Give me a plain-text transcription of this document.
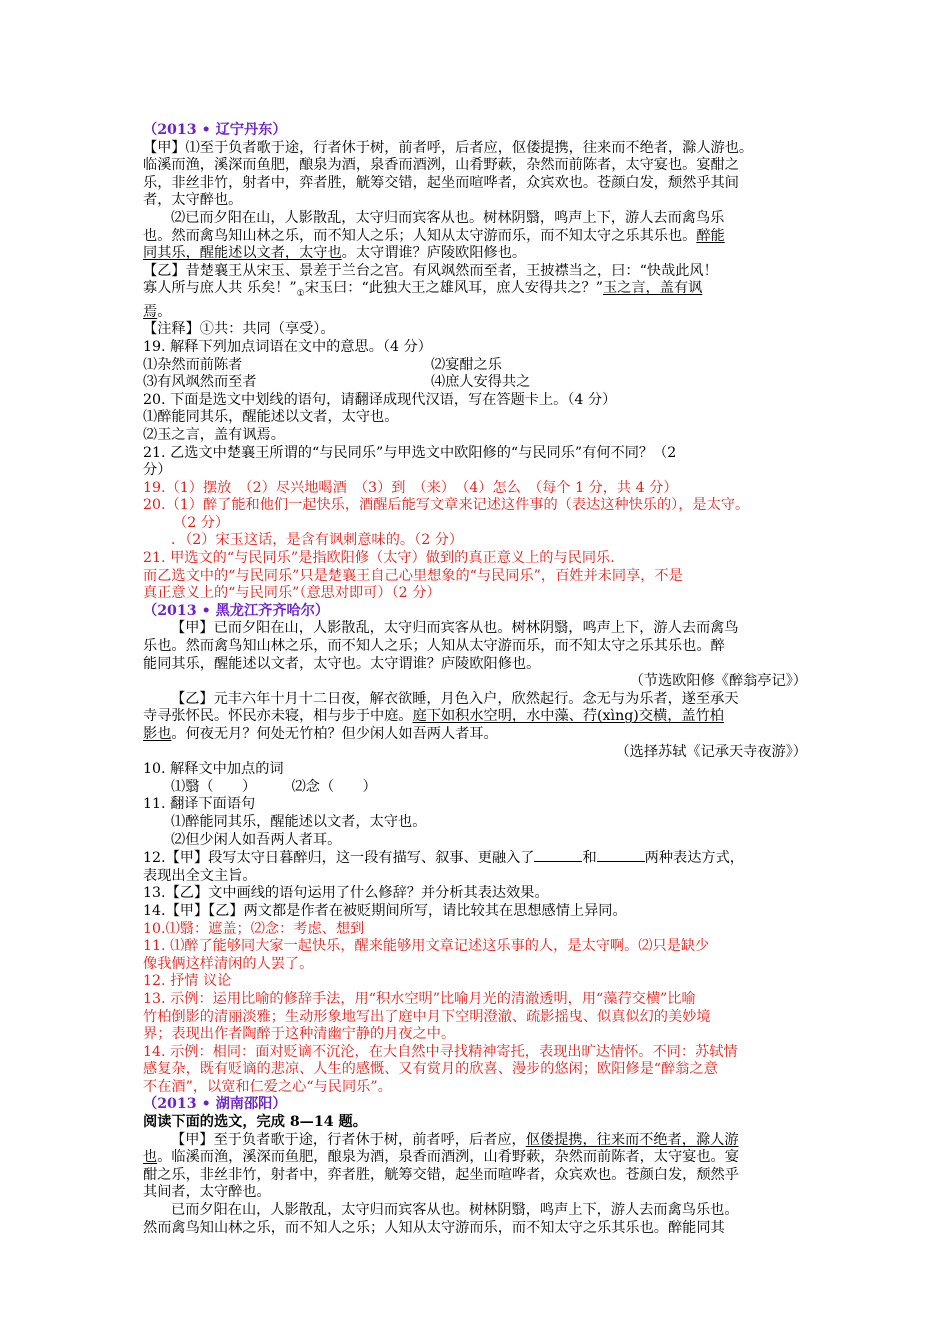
（2013 • 辽宁丹东）
【甲】⑴至于负者歌于途，行者休于树，前者呼，后者应，伛偻提携，往来而不绝者，滁人游也。
临溪而渔，溪深而鱼肥，酿泉为酒，泉香而酒洌，山肴野蔌，杂然而前陈者，太守宴也。宴酣之
乐，非丝非竹，射者中，弈者胜，觥筹交错，起坐而喧哗者，众宾欢也。苍颜白发，颓然乎其间
者，太守醉也。
⑵已而夕阳在山，人影散乱，太守归而宾客从也。树林阴翳，鸣声上下，游人去而禽鸟乐
也。然而禽鸟知山林之乐，而不知人之乐；人知从太守游而乐，而不知太守之乐其乐也。醉能
同其乐，醒能述以文者，太守也。太守谓谁？庐陵欧阳修也。
【乙】昔楚襄王从宋玉、景差于兰台之宫。有风飒然而至者，王披襟当之，曰：“快哉此风！
寡人所与庶人共 乐矣！$”_①$宋玉曰：“此独大王之雄风耳，庶人安得共之？”玉之言，盖有讽
焉。
【注释】①共：共同（享受）。
19. 解释下列加点词语在文中的意思。（4 分）
⑴杂然而前陈者	⑵宴酣之乐
⑶有风飒然而至者	⑷庶人安得共之
20. 下面是选文中划线的语句，请翻译成现代汉语，写在答题卡上。（4 分）
⑴醉能同其乐，醒能述以文者，太守也。
⑵玉之言，盖有讽焉。
21. 乙选文中楚襄王所谓的“与民同乐”与甲选文中欧阳修的“与民同乐”有何不同？（2
分）
19.（1）摆放　（2）尽兴地喝酒　（3）到　（来）　（4）怎么　（每个 1 分，共 4 分）
20.（1）醉了能和他们一起快乐，酒醒后能写文章来记述这件事的（表达这种快乐的），是太守。
（2 分）
．（2）宋玉这话，是含有讽刺意味的。（2 分）
21. 甲选文的“与民同乐”是指欧阳修（太守）做到的真正意义上的与民同乐.
而乙选文中的“与民同乐”只是楚襄王自己心里想象的“与民同乐”，百姓并未同享，不是
真正意义上的“与民同乐”（意思对即可）（2 分）
（2013 • 黑龙江齐齐哈尔）
【甲】已而夕阳在山，人影散乱，太守归而宾客从也。树林阴翳，鸣声上下，游人去而禽鸟
乐也。然而禽鸟知山林之乐，而不知人之乐；人知从太守游而乐，而不知太守之乐其乐也。醉
能同其乐，醒能述以文者，太守也。太守谓谁？庐陵欧阳修也。
（节选欧阳修《醉翁亭记》）
【乙】元丰六年十月十二日夜，解衣欲睡，月色入户，欣然起行。念无与为乐者，遂至承天
寺寻张怀民。怀民亦未寝，相与步于中庭。庭下如积水空明，水中藻、荇(xìng)交横，盖竹柏
影也。何夜无月？何处无竹柏？但少闲人如吾两人者耳。
（选择苏轼《记承天寺夜游》）
10. 解释文中加点的词
⑴翳（　　）　　　⑵念（　　）
11. 翻译下面语句
⑴醉能同其乐，醒能述以文者，太守也。
⑵但少闲人如吾两人者耳。
12.【甲】段写太守日暮醉归，这一段有描写、叙事、更融入了	和	两种表达方式，
表现出全文主旨。
13.【乙】文中画线的语句运用了什么修辞？并分析其表达效果。
14.【甲】【乙】两文都是作者在被贬期间所写，请比较其在思想感情上异同。
10.⑴翳：遮盖；⑵念：考虑、想到
11. ⑴醉了能够同大家一起快乐，醒来能够用文章记述这乐事的人，是太守啊。⑵只是缺少
像我俩这样清闲的人罢了。
12. 抒情 议论
13. 示例：运用比喻的修辞手法，用“积水空明”比喻月光的清澈透明，用“藻荇交横”比喻
竹柏倒影的清丽淡雅；生动形象地写出了庭中月下空明澄澈、疏影摇曳、似真似幻的美妙境
界；表现出作者陶醉于这种清幽宁静的月夜之中。
14. 示例：相同：面对贬谪不沉沦，在大自然中寻找精神寄托，表现出旷达情怀。不同：苏轼情
感复杂，既有贬谪的悲凉、人生的感慨、又有赏月的欣喜、漫步的悠闲；欧阳修是“醉翁之意
不在酒”，以宽和仁爱之心“与民同乐”。
（2013 • 湖南邵阳）
阅读下面的选文，完成 8—14 题。
【甲】至于负者歌于途，行者休于树，前者呼，后者应，伛偻提携，往来而不绝者，滁人游
也。临溪而渔，溪深而鱼肥，酿泉为酒，泉香而酒洌，山肴野蔌，杂然而前陈者，太守宴也。宴
酣之乐，非丝非竹，射者中，弈者胜，觥筹交错，起坐而喧哗者，众宾欢也。苍颜白发，颓然乎
其间者，太守醉也。
已而夕阳在山，人影散乱，太守归而宾客从也。树林阴翳，鸣声上下，游人去而禽鸟乐也。
然而禽鸟知山林之乐，而不知人之乐；人知从太守游而乐，而不知太守之乐其乐也。醉能同其
